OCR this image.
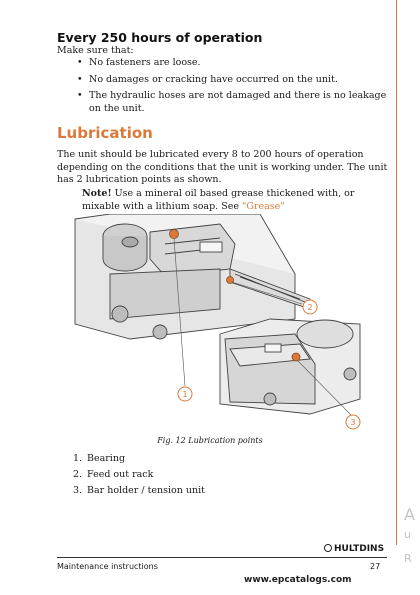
Every 250 hours of operation
Make sure that:
• No fasteners are loose.
• No damages or cracking have occurred on the unit.
• The hydraulic hoses are not damaged and there is no leakage on the unit.
Lubrication
The unit should be lubricated every 8 to 200 hours of operation depending on the conditions that the unit is working under. The unit has 2 lubrication points as shown.
Note! Use a mineral oil based grease thickened with, or mixable with a lithium soap. See "Grease"
1
2
3
Fig. 12 Lubrication points
1. Bearing
2. Feed out rack
3. Bar holder / tension unit
HULTDINS
Maintenance instructions	27
www.epcatalogs.com
A
u
R
